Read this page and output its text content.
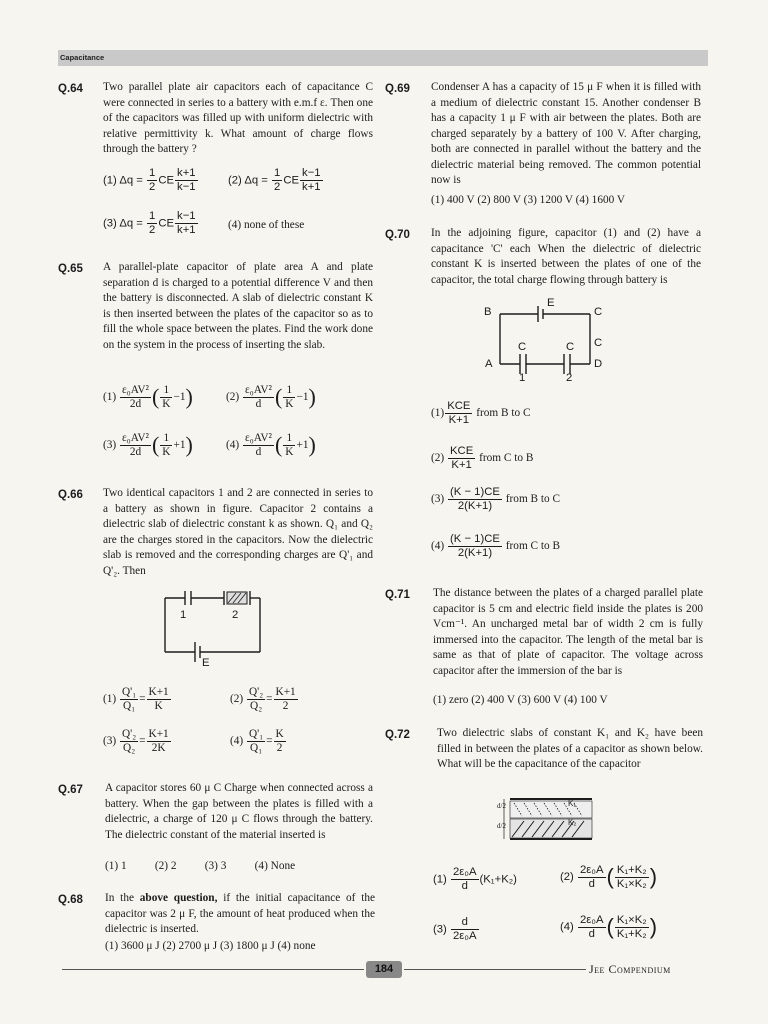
Capacitance
Q.64 Two parallel plate air capacitors each of capacitance C were connected in series to a battery with e.m.f ε. Then one of the capacitors was filled up with uniform dielectric with relative permittivity k. What amount of charge flows through the battery ?
(1) $\Delta q = \frac{1}{2}$ CE $\frac{k+1}{k-1}$	(2) $\Delta q = \frac{1}{2}$ CE $\frac{k-1}{k+1}$
(3) $\Delta q = \frac{1}{2}$ CE $\frac{k-1}{k+1}$	(4) none of these
Q.65 A parallel-plate capacitor of plate area A and plate separation d is charged to a potential difference V and then the battery is disconnected. A slab of dielectric constant K is then inserted between the plates of the capacitor so as to fill the whole space between the plates. Find the work done on the system in the process of inserting the slab.
$(1) \frac{\text{ε₀AV²}}{2d}$ ( $\frac{1}{K} -1$)	$(2) \frac{\text{ε₀AV²}}{d}$ ( $\frac{1}{K} -1$)
$(3) \frac{\text{ε₀AV²}}{2d}$ ( $\frac{1}{K} +1$)	$(4) \frac{\text{ε₀AV²}}{d}$ ( $\frac{1}{K} +1$)
Q.66 Two identical capacitors 1 and 2 are connected in series to a battery as shown in figure. Capacitor 2 contains a dielectric slab of dielectric constant k as shown. Q₁ and Q₂ are the charges stored in the capacitors. Now the dielectric slab is removed and the corresponding charges are Q'₁ and Q'₂. Then
1	2
E
$(1) \frac{\text{Q'₁}}{\text{Q₁}} = \frac{K+1}{K}$	$(2) \frac{\text{Q'₂}}{\text{Q₂}} = \frac{K+1}{2}$
$(3) \frac{\text{Q'₂}}{\text{Q₂}} = \frac{K+1}{2K}$	$(4) \frac{\text{Q'₁}}{\text{Q₁}} = \frac{K}{2}$
Q.67 A capacitor stores 60 μ C Charge when connected across a battery. When the gap between the plates is filled with a dielectric, a charge of 120 μ C flows through the battery. The dielectric constant of the material inserted is
(1) 1          (2) 2          (3) 3          (4) None
Q.68 In the above question, if the initial capacitance of the capacitor was 2 μ F, the amount of heat produced when the dielectric is inserted.
(1) 3600 μ J (2) 2700 μ J (3) 1800 μ J (4) none
Q.69 Condenser A has a capacity of 15 μ F when it is filled with a medium of dielectric constant 15. Another condenser B has a capacity 1 μ F with air between the plates. Both are charged separately by a battery of 100 V. After charging, both are connected in parallel without the battery and the dielectric material being removed. The common potential now is
(1) 400 V (2) 800 V (3) 1200 V (4) 1600 V
Q.70 In the adjoining figure, capacitor (1) and (2) have a capacitance 'C' each When the dielectric of dielectric constant K is inserted between the plates of one of the capacitor, the total charge flowing through battery is
B
E
C
C	C C
A	D
1	2
$(1) \frac{\text{KCE}}{K+1}$ from B to C
$(2) \frac{\text{KCE}}{K+1}$ from C to B
$(3) \frac{(K - 1)CE}{2(K+1)}$ from B to C
$(4) \frac{(K - 1)CE}{2(K+1)}$ from C to B
Q.71 The distance between the plates of a charged parallel plate capacitor is 5 cm and electric field inside the plates is 200 Vcm⁻¹. An uncharged metal bar of width 2 cm is fully immersed into the capacitor. The length of the metal bar is same as that of plate of capacitor. The voltage across capacitor after the immersion of the bar is
(1) zero (2) 400 V (3) 600 V (4) 100 V
Q.72 Two dielectric slabs of constant K₁ and K₂ have been filled in between the plates of a capacitor as shown below. What will be the capacitance of the capacitor
d/2
d/2
K₁
K₂
$(1) \frac{\text{2ε₀A}}{d} (K_1+K_2)$	$(2) \frac{\text{2ε₀A}}{d}$ ( $\frac{\text{K₁+K₂}}{\text{K₁×K₂}}$ )
$(3) \frac{d}{\text{2ε₀A}}$	$(4) \frac{\text{2ε₀A}}{d}$ ( $\frac{\text{K₁×K₂}}{\text{K₁+K₂}}$ )
184	Jee Compendium
